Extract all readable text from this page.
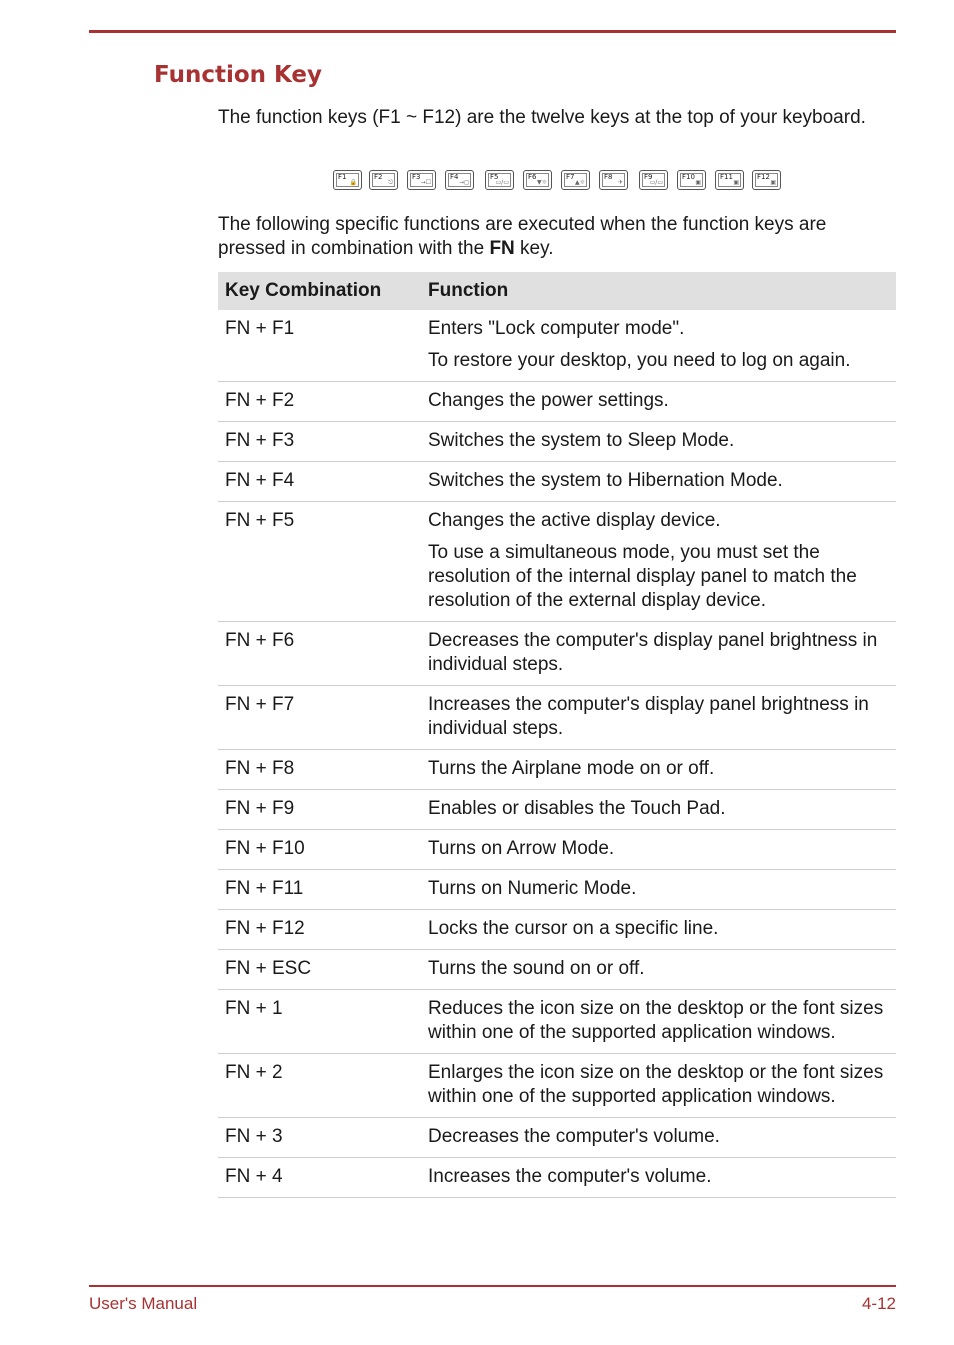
Function Key

The function keys (F1 ~ F12) are the twelve keys at the top of your keyboard.

F1
🔒
F2
⎋
F3
→☐
F4
→◻
F5
▭/▭
F6
▼☼
F7
▲☼
F8
✈
F9
▭/▭
F10
▣
F11
▣
F12
▣

The following specific functions are executed when the function keys are pressed in combination with the FN key.

Key Combination	Function
FN + F1	Enters "Lock computer mode".
To restore your desktop, you need to log on again.

FN + F2	Changes the power settings.

FN + F3	Switches the system to Sleep Mode.

FN + F4	Switches the system to Hibernation Mode.

FN + F5	Changes the active display device.
To use a simultaneous mode, you must set the resolution of the internal display panel to match the resolution of the external display device.

FN + F6	Decreases the computer's display panel brightness in individual steps.

FN + F7	Increases the computer's display panel brightness in individual steps.

FN + F8	Turns the Airplane mode on or off.

FN + F9	Enables or disables the Touch Pad.

FN + F10	Turns on Arrow Mode.

FN + F11	Turns on Numeric Mode.

FN + F12	Locks the cursor on a specific line.

FN + ESC	Turns the sound on or off.

FN + 1	Reduces the icon size on the desktop or the font sizes within one of the supported application windows.

FN + 2	Enlarges the icon size on the desktop or the font sizes within one of the supported application windows.

FN + 3	Decreases the computer's volume.

FN + 4	Increases the computer's volume.
User's Manual	4-12
